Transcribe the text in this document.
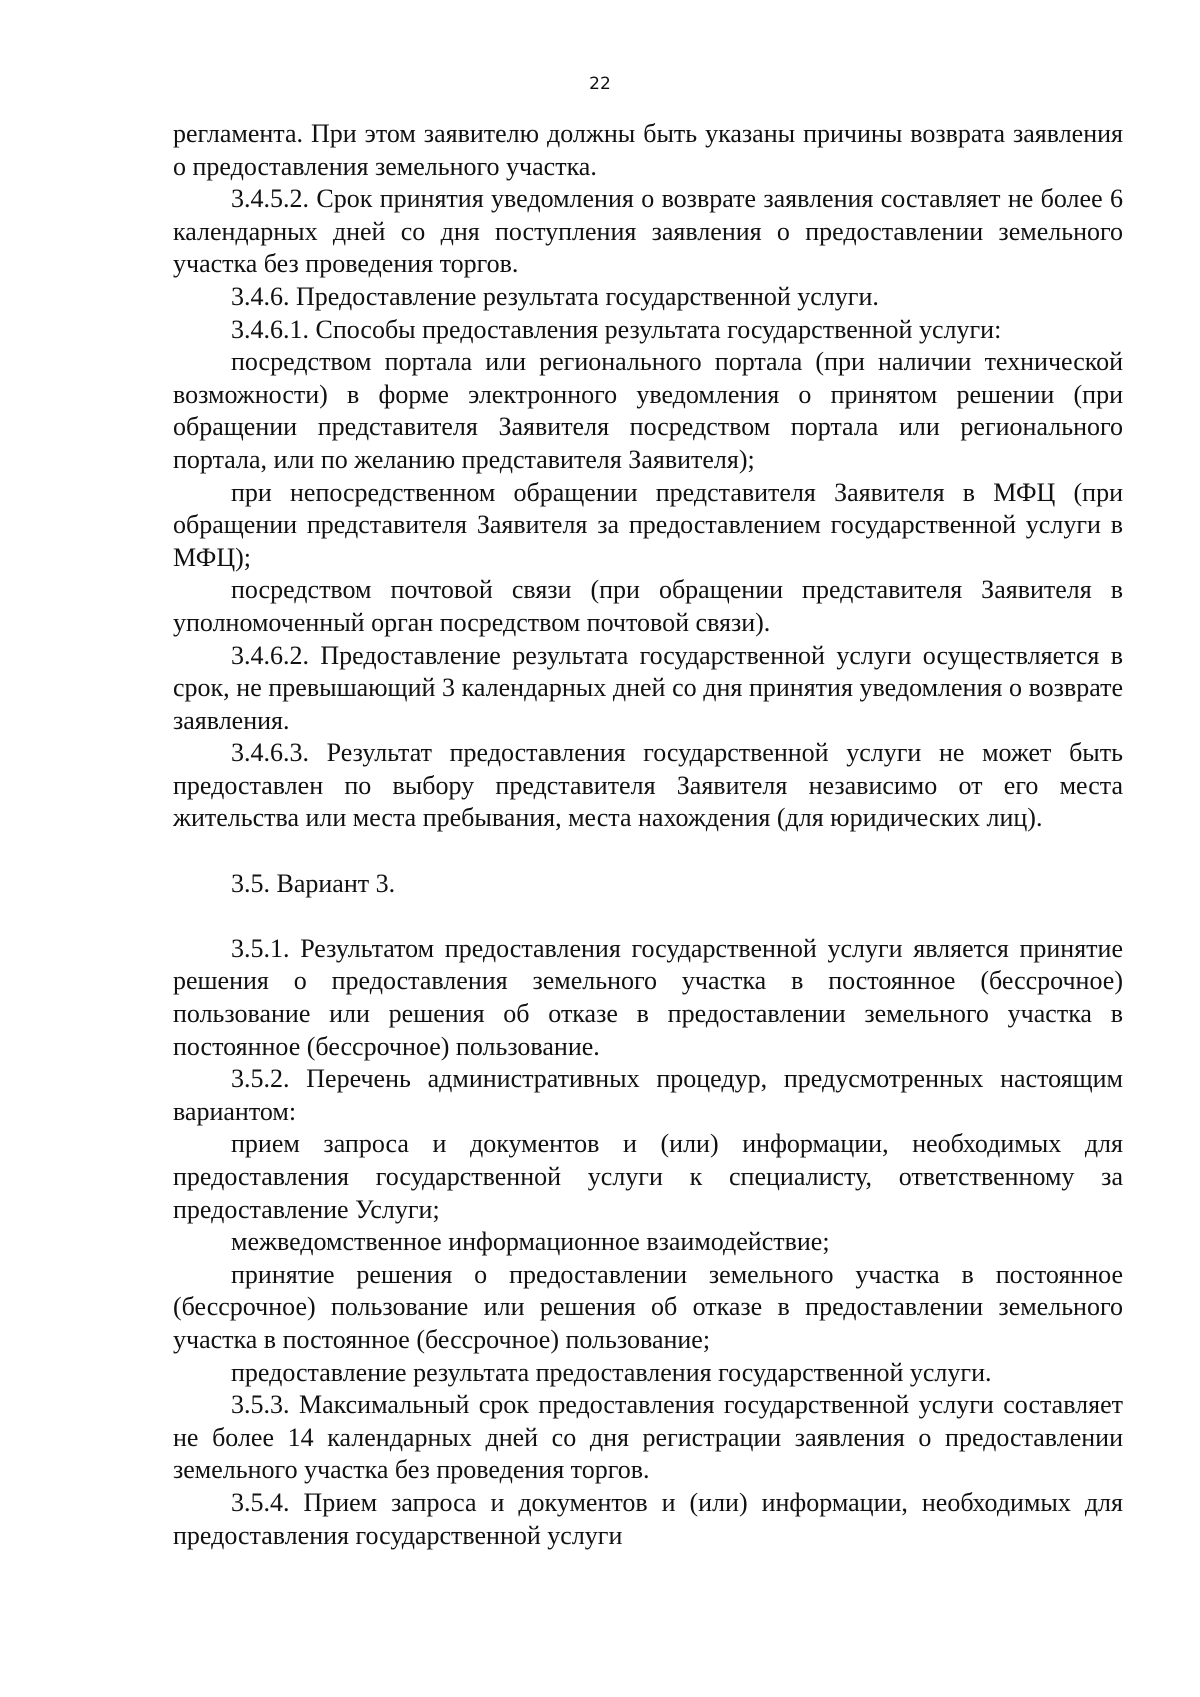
22

регламента. При этом заявителю должны быть указаны причины возврата заявления о предоставления земельного участка.

3.4.5.2. Срок принятия уведомления о возврате заявления составляет не более 6 календарных дней со дня поступления заявления о предоставлении земельного участка без проведения торгов.

3.4.6. Предоставление результата государственной услуги.

3.4.6.1. Способы предоставления результата государственной услуги:

посредством портала или регионального портала (при наличии технической возможности) в форме электронного уведомления о принятом решении (при обращении представителя Заявителя посредством портала или регионального портала, или по желанию представителя Заявителя);

при непосредственном обращении представителя Заявителя в МФЦ (при обращении представителя Заявителя за предоставлением государственной услуги в МФЦ);

посредством почтовой связи (при обращении представителя Заявителя в уполномоченный орган посредством почтовой связи).

3.4.6.2. Предоставление результата государственной услуги осуществляется в срок, не превышающий 3 календарных дней со дня принятия уведомления о возврате заявления.

3.4.6.3. Результат предоставления государственной услуги не может быть предоставлен по выбору представителя Заявителя независимо от его места жительства или места пребывания, места нахождения (для юридических лиц).

3.5. Вариант 3.

3.5.1. Результатом предоставления государственной услуги является принятие решения о предоставления земельного участка в постоянное (бессрочное) пользование или решения об отказе в предоставлении земельного участка в постоянное (бессрочное) пользование.

3.5.2. Перечень административных процедур, предусмотренных настоящим вариантом:

прием запроса и документов и (или) информации, необходимых для предоставления государственной услуги к специалисту, ответственному за предоставление Услуги;

межведомственное информационное взаимодействие;

принятие решения о предоставлении земельного участка в постоянное (бессрочное) пользование или решения об отказе в предоставлении земельного участка в постоянное (бессрочное) пользование;

предоставление результата предоставления государственной услуги.

3.5.3. Максимальный срок предоставления государственной услуги составляет не более 14 календарных дней со дня регистрации заявления о предоставлении земельного участка без проведения торгов.

3.5.4. Прием запроса и документов и (или) информации, необходимых для предоставления государственной услуги
